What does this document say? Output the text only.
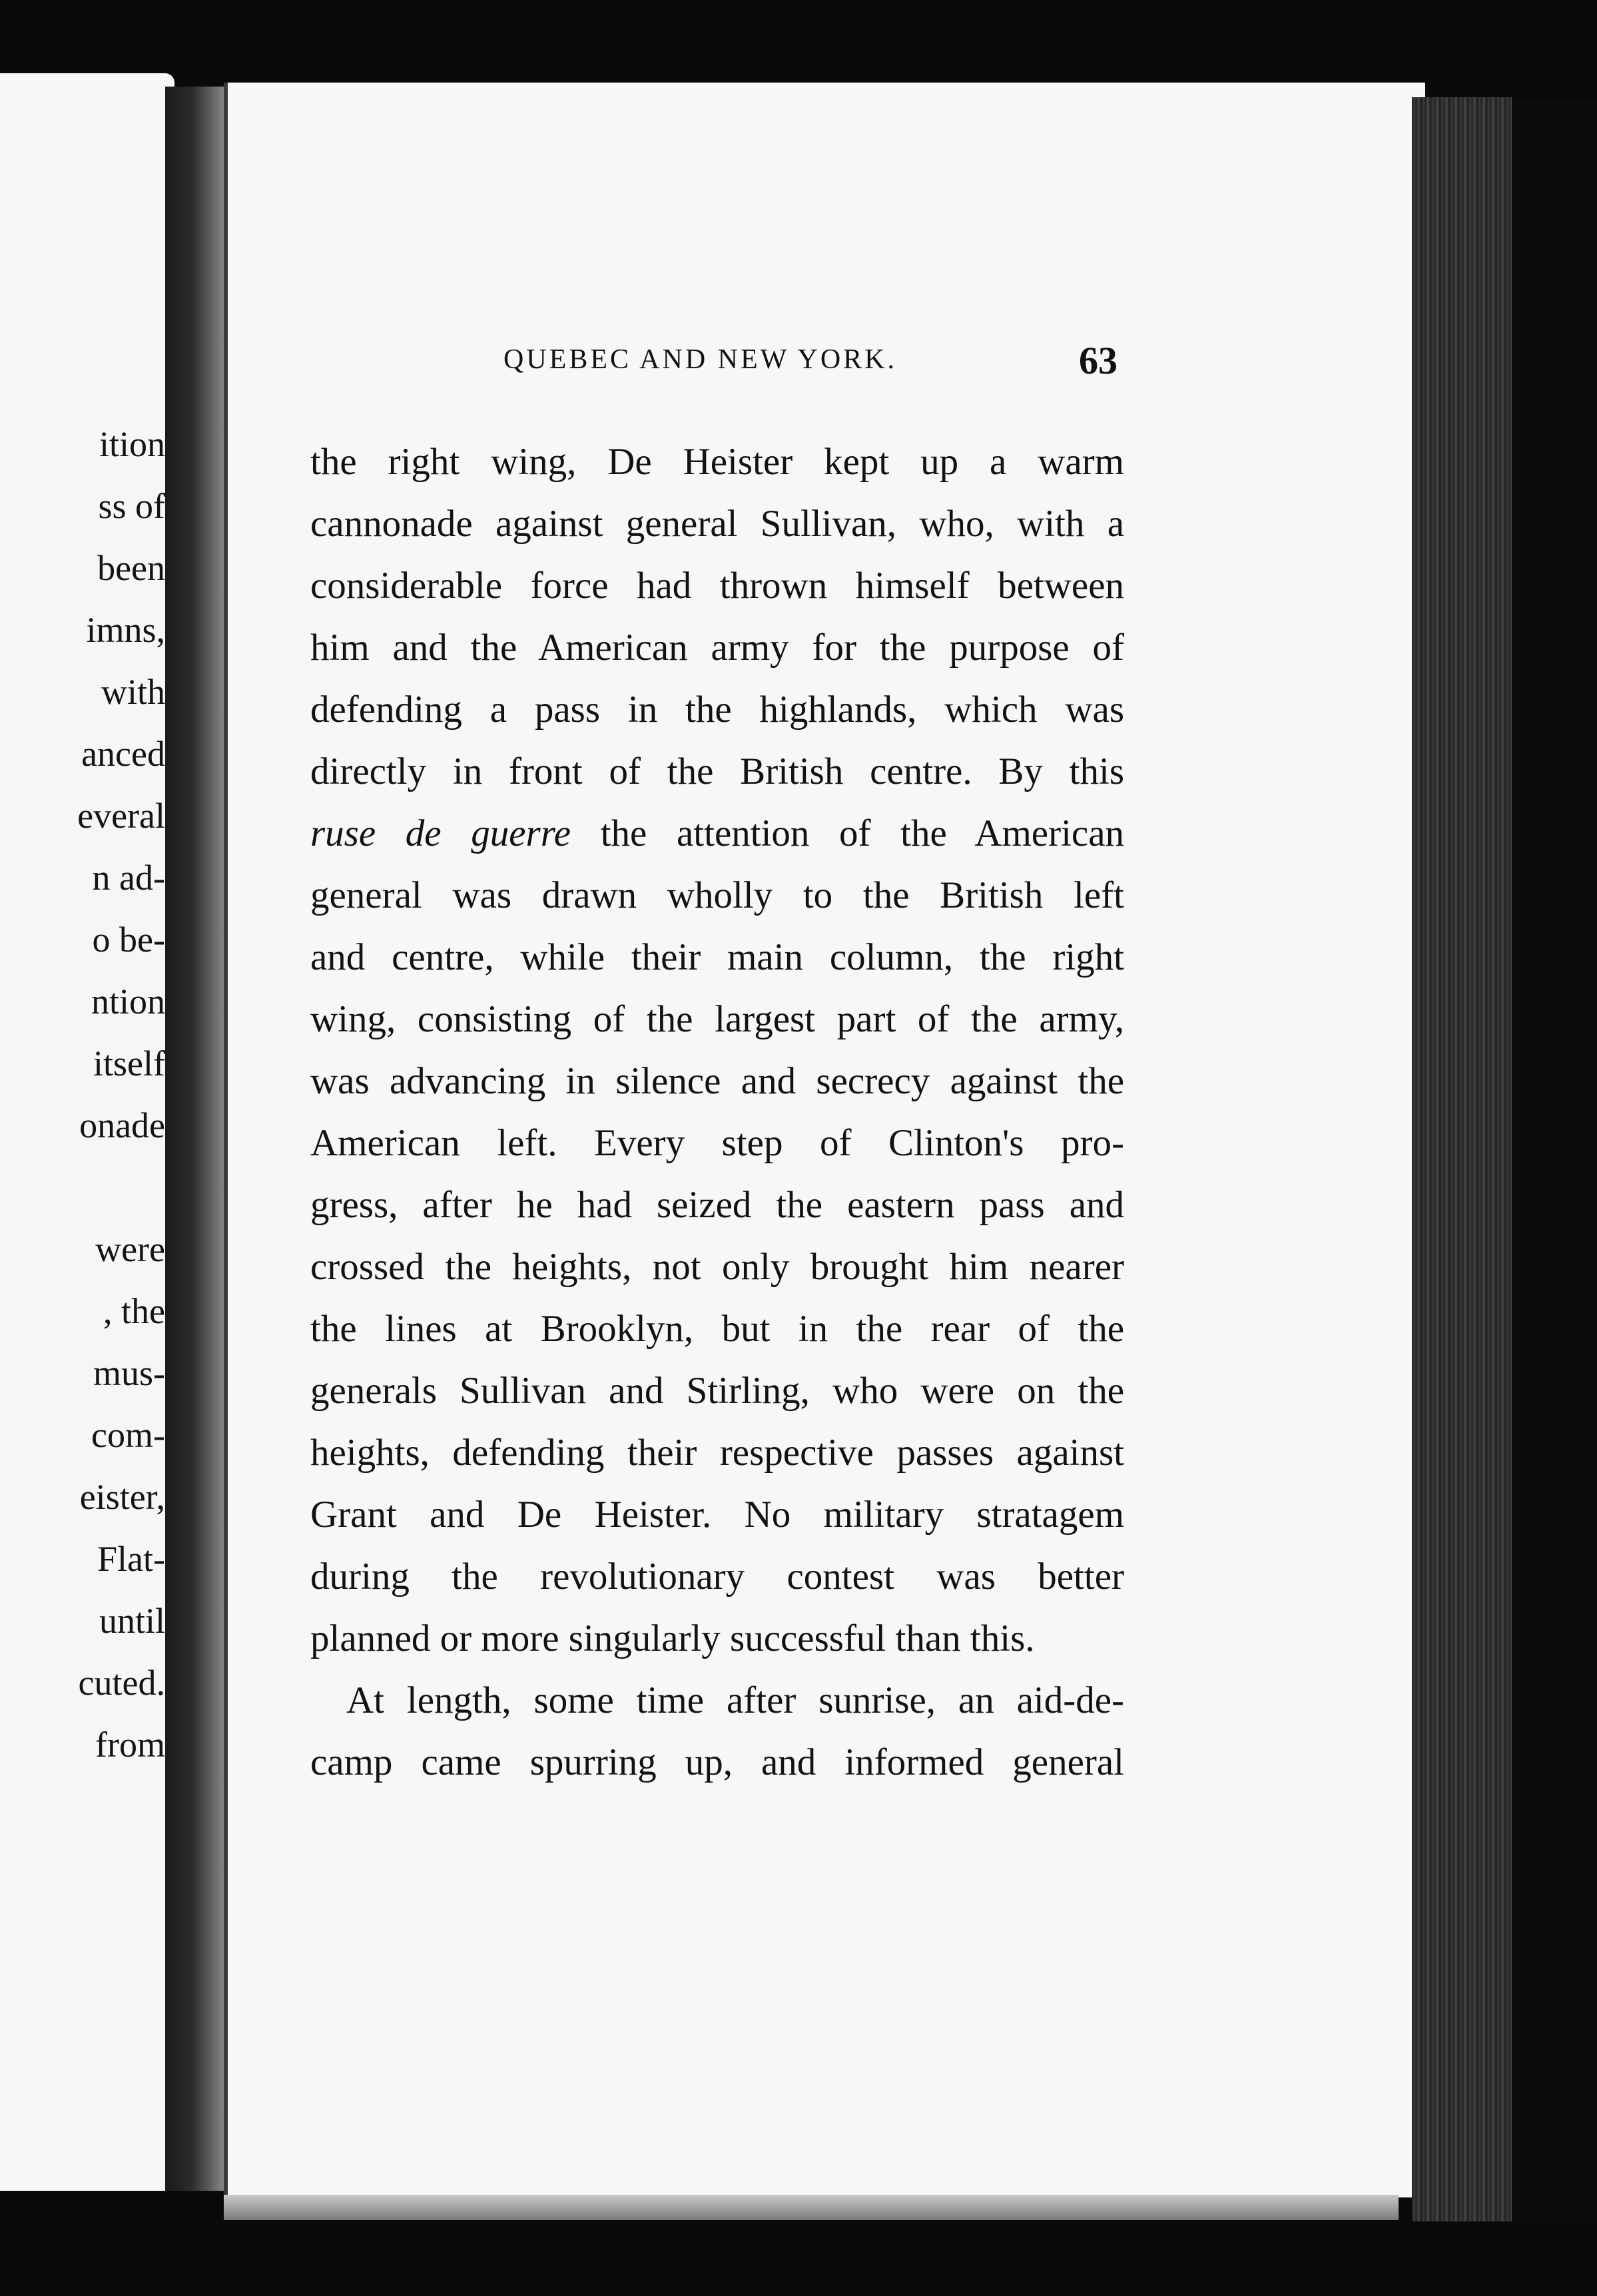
ition
ss of
been
imns,
with
anced
everal
n ad-
o be-
ntion
itself
onade
were
, the
mus-
com-
eister,
Flat-
until
cuted.
from
QUEBEC AND NEW YORK.	63
the right wing, De Heister kept up a warm
cannonade against general Sullivan, who, with a
considerable force had thrown himself between
him and the American army for the purpose of
defending a pass in the highlands, which was
directly in front of the British centre. By this
ruse de guerre the attention of the American
general was drawn wholly to the British left
and centre, while their main column, the right
wing, consisting of the largest part of the army,
was advancing in silence and secrecy against the
American left. Every step of Clinton's pro-
gress, after he had seized the eastern pass and
crossed the heights, not only brought him nearer
the lines at Brooklyn, but in the rear of the
generals Sullivan and Stirling, who were on the
heights, defending their respective passes against
Grant and De Heister. No military stratagem
during the revolutionary contest was better
planned or more singularly successful than this.
At length, some time after sunrise, an aid-de-
camp came spurring up, and informed general
